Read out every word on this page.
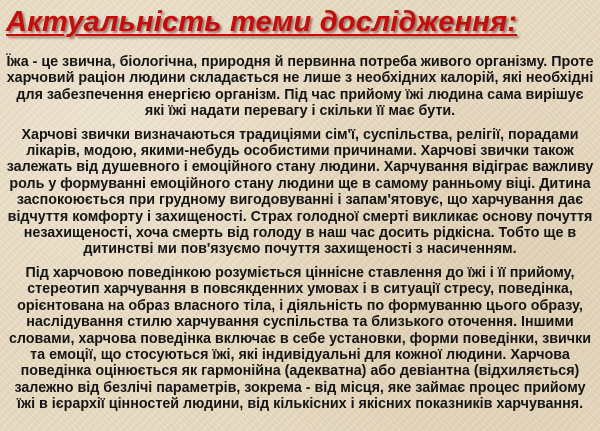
Актуальність теми дослідження:

Їжа - це звична, біологічна, природня й первинна потреба живого організму. Проте харчовий раціон людини складається не лише з необхідних калорій, які необхідні для забезпечення енергією організм. Під час прийому їжі людина сама вирішує які їжі надати перевагу і скільки її має бути.

Харчові звички визначаються традиціями сім'ї, суспільства, релігії, порадами лікарів, модою, якими-небудь особистими причинами. Харчові звички також залежать від душевного і емоційного стану людини. Харчування відіграє важливу роль у формуванні емоційного стану людини ще в самому ранньому віці. Дитина заспокоюється при грудному вигодовуванні і запам'ятовує, що харчування дає відчуття комфорту і захищеності. Страх голодної смерті викликає основу почуття незахищеності, хоча смерть від голоду в наш час досить рідкісна. Тобто ще в дитинстві ми пов'язуємо почуття захищеності з насиченням.

Під харчовою поведінкою розуміється ціннісне ставлення до їжі і її прийому, стереотип харчування в повсякденних умовах і в ситуації стресу, поведінка, орієнтована на образ власного тіла, і діяльність по формуванню цього образу, наслідування стилю харчування суспільства та близького оточення. Іншими словами, харчова поведінка включає в себе установки, форми поведінки, звички та емоції, що стосуються їжі, які індивідуальні для кожної людини. Харчова поведінка оцінюється як гармонійна (адекватна) або девіантна (відхиляється) залежно від безлічі параметрів, зокрема - від місця, яке займає процес прийому їжі в ієрархії цінностей людини, від кількісних і якісних показників харчування.
